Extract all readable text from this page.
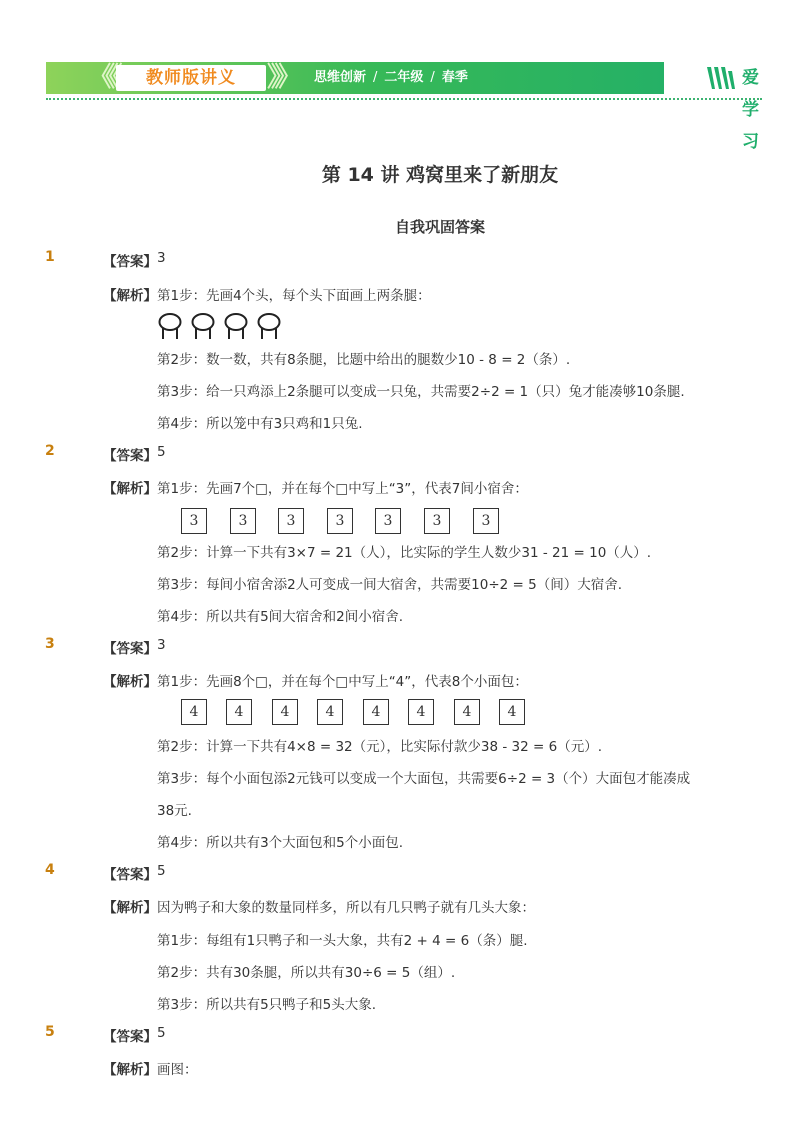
《《	教师版讲义	》》 思维创新 / 二年级 / 春季	爱学习
第 14 讲 鸡窝里来了新朋友
自我巩固答案
1	【答案】 3
【解析】 第1步：先画4个头，每个头下面画上两条腿：
第2步：数一数，共有8条腿，比题中给出的腿数少10 - 8 = 2（条）.
第3步：给一只鸡添上2条腿可以变成一只兔，共需要2÷2 = 1（只）兔才能凑够10条腿.
第4步：所以笼中有3只鸡和1只兔.
2	【答案】 5
【解析】 第1步：先画7个□，并在每个□中写上“3”，代表7间小宿舍：
3	3	3	3	3	3	3
第2步：计算一下共有3×7 = 21（人），比实际的学生人数少31 - 21 = 10（人）.
第3步：每间小宿舍添2人可变成一间大宿舍，共需要10÷2 = 5（间）大宿舍.
第4步：所以共有5间大宿舍和2间小宿舍.
3	【答案】 3
【解析】 第1步：先画8个□，并在每个□中写上“4”，代表8个小面包：
4	4	4	4	4	4	4	4
第2步：计算一下共有4×8 = 32（元），比实际付款少38 - 32 = 6（元）.
第3步：每个小面包添2元钱可以变成一个大面包，共需要6÷2 = 3（个）大面包才能凑成
38元.
第4步：所以共有3个大面包和5个小面包.
4	【答案】 5
【解析】 因为鸭子和大象的数量同样多，所以有几只鸭子就有几头大象：
第1步：每组有1只鸭子和一头大象，共有2 + 4 = 6（条）腿.
第2步：共有30条腿，所以共有30÷6 = 5（组）.
第3步：所以共有5只鸭子和5头大象.
5	【答案】 5
【解析】 画图：
